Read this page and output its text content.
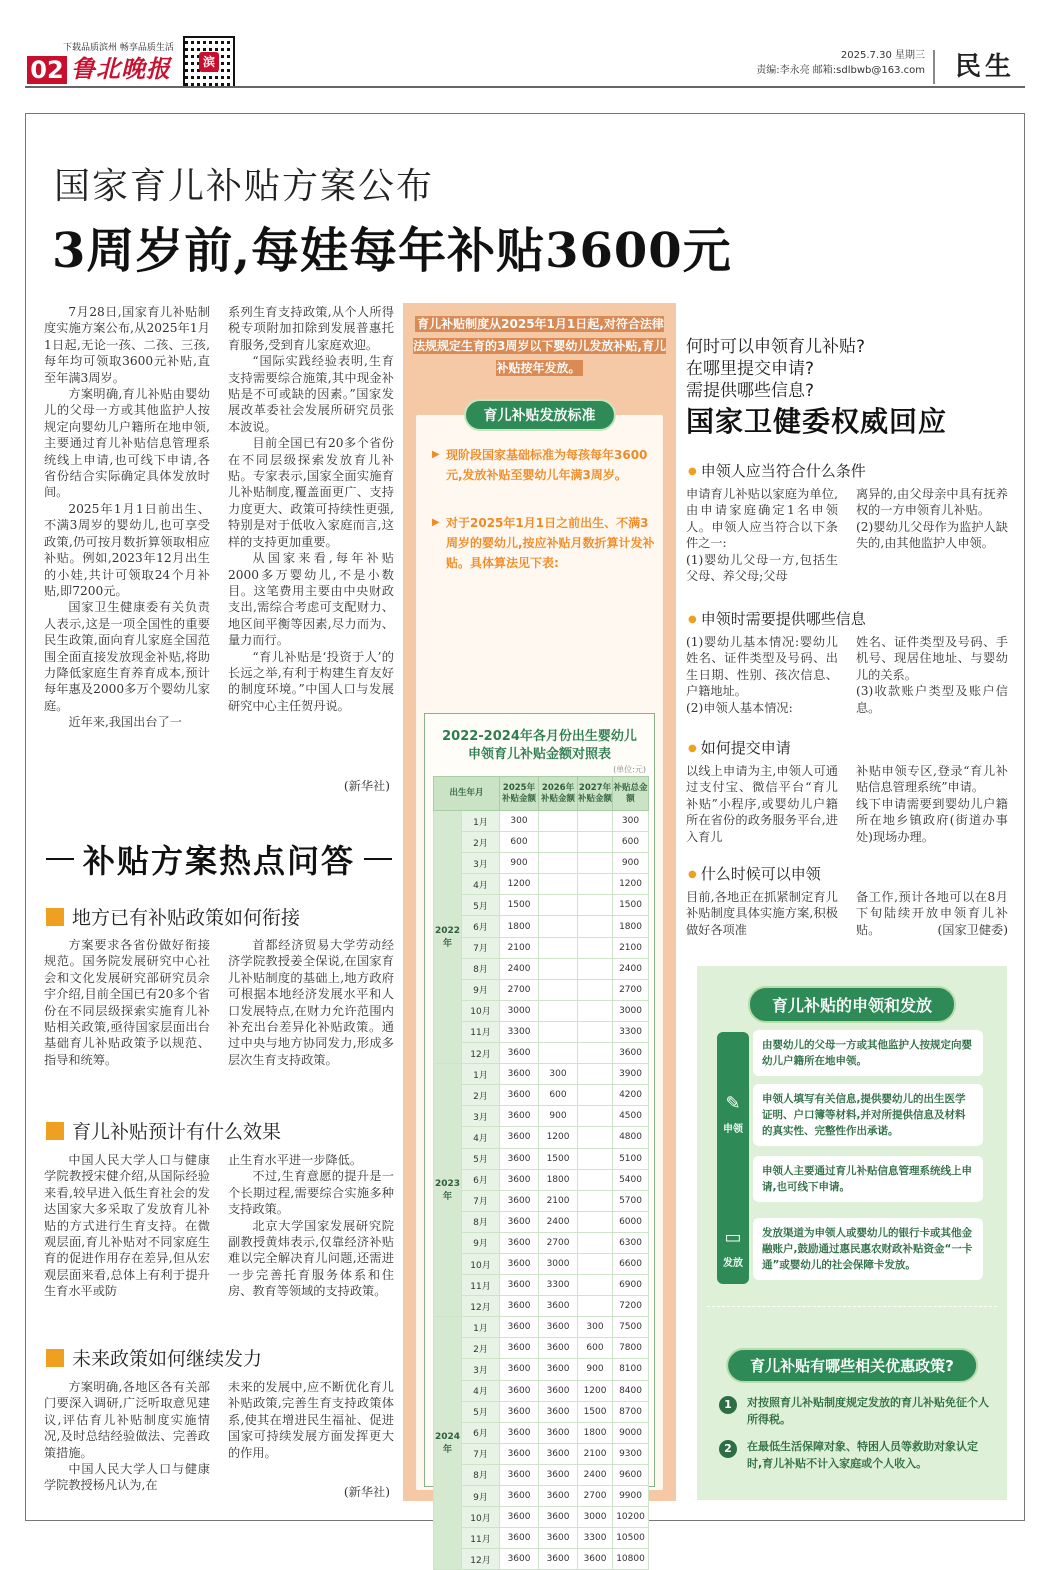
下载品质滨州 畅享品质生活
02 鲁北晚报	滨	2025.7.30 星期三
责编:李永亮 邮箱:sdlbwb@163.com 民生
国家育儿补贴方案公布
3周岁前,每娃每年补贴3600元

7月28日,国家育儿补贴制度实施方案公布,从2025年1月1日起,无论一孩、二孩、三孩,每年均可领取3600元补贴,直至年满3周岁。

方案明确,育儿补贴由婴幼儿的父母一方或其他监护人按规定向婴幼儿户籍所在地申领,主要通过育儿补贴信息管理系统线上申请,也可线下申请,各省份结合实际确定具体发放时间。

2025年1月1日前出生、不满3周岁的婴幼儿,也可享受政策,仍可按月数折算领取相应补贴。例如,2023年12月出生的小娃,共计可领取24个月补贴,即7200元。

国家卫生健康委有关负责人表示,这是一项全国性的重要民生政策,面向育儿家庭全国范围全面直接发放现金补贴,将助力降低家庭生育养育成本,预计每年惠及2000多万个婴幼儿家庭。

近年来,我国出台了一

系列生育支持政策,从个人所得税专项附加扣除到发展普惠托育服务,受到育儿家庭欢迎。

“国际实践经验表明,生育支持需要综合施策,其中现金补贴是不可或缺的因素。”国家发展改革委社会发展所研究员张本波说。

目前全国已有20多个省份在不同层级探索发放育儿补贴。专家表示,国家全面实施育儿补贴制度,覆盖面更广、支持力度更大、政策可持续性更强,特别是对于低收入家庭而言,这样的支持更加重要。

从国家来看,每年补贴2000多万婴幼儿,不是小数目。这笔费用主要由中央财政支出,需综合考虑可支配财力、地区间平衡等因素,尽力而为、量力而行。

“育儿补贴是‘投资于人’的长远之举,有利于构建生育友好的制度环境。”中国人口与发展研究中心主任贺丹说。

(新华社)
补贴方案热点问答
地方已有补贴政策如何衔接

方案要求各省份做好衔接规范。国务院发展研究中心社会和文化发展研究部研究员佘宇介绍,目前全国已有20多个省份在不同层级探索实施育儿补贴相关政策,亟待国家层面出台基础育儿补贴政策予以规范、指导和统筹。

首都经济贸易大学劳动经济学院教授姜全保说,在国家育儿补贴制度的基础上,地方政府可根据本地经济发展水平和人口发展特点,在财力允许范围内补充出台差异化补贴政策。通过中央与地方协同发力,形成多层次生育支持政策。

育儿补贴预计有什么效果

中国人民大学人口与健康学院教授宋健介绍,从国际经验来看,较早进入低生育社会的发达国家大多采取了发放育儿补贴的方式进行生育支持。在微观层面,育儿补贴对不同家庭生育的促进作用存在差异,但从宏观层面来看,总体上有利于提升生育水平或防

止生育水平进一步降低。

不过,生育意愿的提升是一个长期过程,需要综合实施多种支持政策。

北京大学国家发展研究院副教授黄炜表示,仅靠经济补贴难以完全解决育儿问题,还需进一步完善托育服务体系和住房、教育等领域的支持政策。

未来政策如何继续发力

方案明确,各地区各有关部门要深入调研,广泛听取意见建议,评估育儿补贴制度实施情况,及时总结经验做法、完善政策措施。

中国人民大学人口与健康学院教授杨凡认为,在

未来的发展中,应不断优化育儿补贴政策,完善生育支持政策体系,使其在增进民生福祉、促进国家可持续发展方面发挥更大的作用。

(新华社)
育儿补贴制度从2025年1月1日起,对符合法律法规规定生育的3周岁以下婴幼儿发放补贴,育儿补贴按年发放。
育儿补贴发放标准
▶ 现阶段国家基础标准为每孩每年3600元,发放补贴至婴幼儿年满3周岁。
▶ 对于2025年1月1日之前出生、不满3周岁的婴幼儿,按应补贴月数折算计发补贴。具体算法见下表:
2022-2024年各月份出生婴幼儿
申领育儿补贴金额对照表
(单位:元)
出生年月		2025年补贴金额	2026年补贴金额	2027年补贴金额	补贴总金额
2022年	1月	300			300
	2月	600			600
	3月	900			900
	4月	1200			1200
	5月	1500			1500
	6月	1800			1800
	7月	2100			2100
	8月	2400			2400
	9月	2700			2700
	10月	3000			3000
	11月	3300			3300
	12月	3600			3600
2023年	1月	3600	300		3900
	2月	3600	600		4200
	3月	3600	900		4500
	4月	3600	1200		4800
	5月	3600	1500		5100
	6月	3600	1800		5400
	7月	3600	2100		5700
	8月	3600	2400		6000
	9月	3600	2700		6300
	10月	3600	3000		6600
	11月	3600	3300		6900
	12月	3600	3600		7200
2024年	1月	3600	3600	300	7500
	2月	3600	3600	600	7800
	3月	3600	3600	900	8100
	4月	3600	3600	1200	8400
	5月	3600	3600	1500	8700
	6月	3600	3600	1800	9000
	7月	3600	3600	2100	9300
	8月	3600	3600	2400	9600
	9月	3600	3600	2700	9900
	10月	3600	3600	3000	10200
	11月	3600	3600	3300	10500
	12月	3600	3600	3600	10800
何时可以申领育儿补贴?
在哪里提交申请?
需提供哪些信息?
国家卫健委权威回应
● 申领人应当符合什么条件
申请育儿补贴以家庭为单位,由申请家庭确定1名申领人。申领人应当符合以下条件之一:
(1)婴幼儿父母一方,包括生父母、养父母;父母
离异的,由父母亲中具有抚养权的一方申领育儿补贴。
(2)婴幼儿父母作为监护人缺失的,由其他监护人申领。
● 申领时需要提供哪些信息
(1)婴幼儿基本情况:婴幼儿姓名、证件类型及号码、出生日期、性别、孩次信息、户籍地址。
(2)申领人基本情况:
姓名、证件类型及号码、手机号、现居住地址、与婴幼儿的关系。
(3)收款账户类型及账户信息。
● 如何提交申请
以线上申请为主,申领人可通过支付宝、微信平台“育儿补贴”小程序,或婴幼儿户籍所在省份的政务服务平台,进入育儿
补贴申领专区,登录“育儿补贴信息管理系统”申请。
线下申请需要到婴幼儿户籍所在地乡镇政府(街道办事处)现场办理。
● 什么时候可以申领
目前,各地正在抓紧制定育儿补贴制度具体实施方案,积极做好各项准
备工作,预计各地可以在8月下旬陆续开放申领育儿补贴。	(国家卫健委)
育儿补贴的申领和发放
✎
申领
由婴幼儿的父母一方或其他监护人按规定向婴幼儿户籍所在地申领。
申领人填写有关信息,提供婴幼儿的出生医学证明、户口簿等材料,并对所提供信息及材料的真实性、完整性作出承诺。
申领人主要通过育儿补贴信息管理系统线上申请,也可线下申请。
▭
发放
发放渠道为申领人或婴幼儿的银行卡或其他金融账户,鼓励通过惠民惠农财政补贴资金“一卡通”或婴幼儿的社会保障卡发放。
育儿补贴有哪些相关优惠政策?
1	对按照育儿补贴制度规定发放的育儿补贴免征个人所得税。
2	在最低生活保障对象、特困人员等救助对象认定时,育儿补贴不计入家庭或个人收入。
